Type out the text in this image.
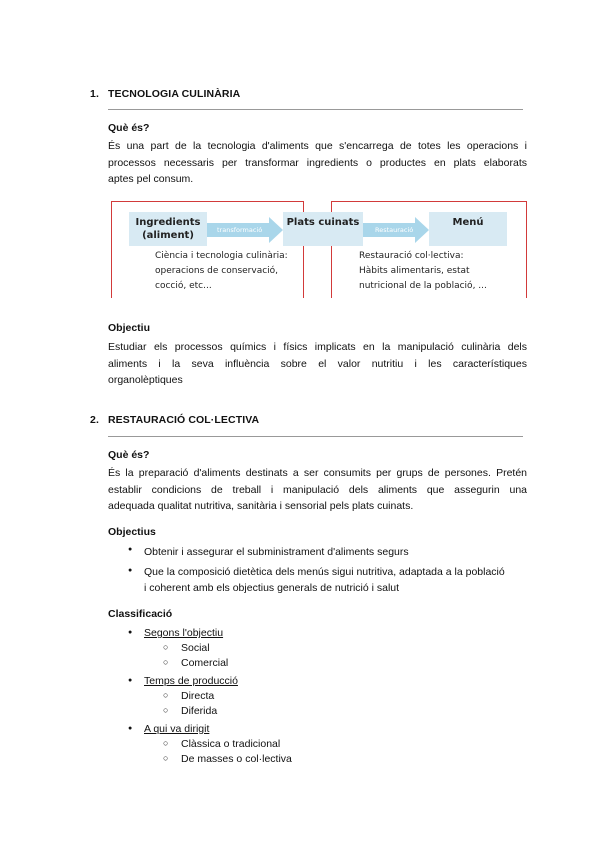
1. TECNOLOGIA CULINÀRIA
Què és?
És una part de la tecnologia d'aliments que s'encarrega de totes les operacions i
processos necessaris per transformar ingredients o productes en plats elaborats
aptes pel consum.
Ingredients
(aliment)	transformació
Plats cuinats
Restauració
Menú
Ciència i tecnologia culinària:
operacions de conservació,
cocció, etc...
Restauració col·lectiva:
Hàbits alimentaris, estat
nutricional de la població, ...
Objectiu
Estudiar els processos químics i físics implicats en la manipulació culinària dels
aliments i la seva influència sobre el valor nutritiu i les característiques
organolèptiques
2. RESTAURACIÓ COL·LECTIVA
Què és?
És la preparació d'aliments destinats a ser consumits per grups de persones. Pretén
establir condicions de treball i manipulació dels aliments que assegurin una
adequada qualitat nutritiva, sanitària i sensorial pels plats cuinats.
Objectius
● Obtenir i assegurar el subministrament d'aliments segurs
● Que la composició dietètica dels menús sigui nutritiva, adaptada a la població
i coherent amb els objectius generals de nutrició i salut
Classificació
● Segons l'objectiu
○ Social
○ Comercial
● Temps de producció
○ Directa
○ Diferida
● A qui va dirigit
○ Clàssica o tradicional
○ De masses o col·lectiva
